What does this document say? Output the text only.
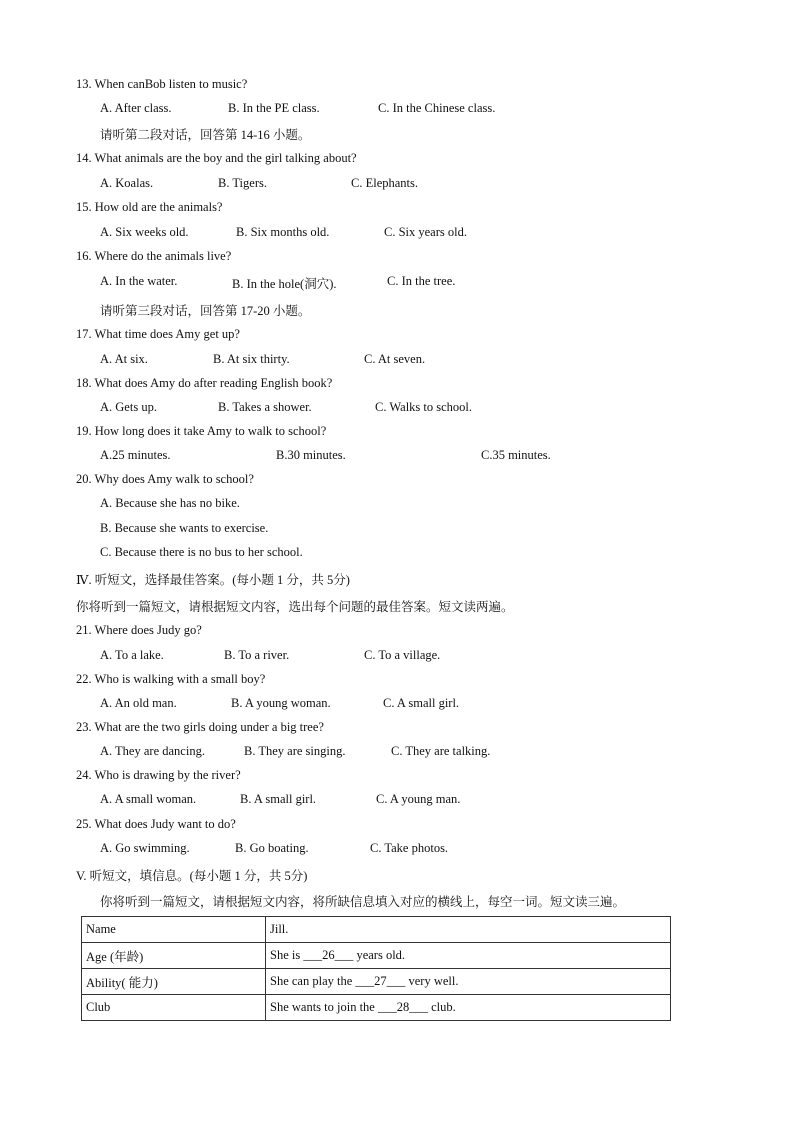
13. When canBob listen to music?
A. After class.	B. In the PE class.	C. In the Chinese class.
请听第二段对话，回答第 14-16 小题。
14. What animals are the boy and the girl talking about?
A. Koalas.	B. Tigers.	C. Elephants.
15. How old are the animals?
A. Six weeks old.	B. Six months old.	C. Six years old.
16. Where do the animals live?
A. In the water.	B. In the hole(洞穴).	C. In the tree.
请听第三段对话，回答第 17-20 小题。
17. What time does Amy get up?
A. At six.	B. At six thirty.	C. At seven.
18. What does Amy do after reading English book?
A. Gets up.	B. Takes a shower.	C. Walks to school.
19. How long does it take Amy to walk to school?
A.25 minutes.	B.30 minutes.	C.35 minutes.
20. Why does Amy walk to school?
A. Because she has no bike.
B. Because she wants to exercise.
C. Because there is no bus to her school.
Ⅳ. 听短文，选择最佳答案。(每小题 1 分，共 5分)
你将听到一篇短文，请根据短文内容，选出每个问题的最佳答案。短文读两遍。
21. Where does Judy go?
A. To a lake.	B. To a river.	C. To a village.
22. Who is walking with a small boy?
A. An old man.	B. A young woman.	C. A small girl.
23. What are the two girls doing under a big tree?
A. They are dancing.	B. They are singing.	C. They are talking.
24. Who is drawing by the river?
A. A small woman.	B. A small girl.	C. A young man.
25. What does Judy want to do?
A. Go swimming.	B. Go boating.	C. Take photos.
V. 听短文，填信息。(每小题 1 分，共 5分)
你将听到一篇短文，请根据短文内容，将所缺信息填入对应的横线上，每空一词。短文读三遍。
Name	Jill.
Age (年龄)	She is ___26___ years old.
Ability( 能力)	She can play the ___27___ very well.
Club	She wants to join the ___28___ club.
